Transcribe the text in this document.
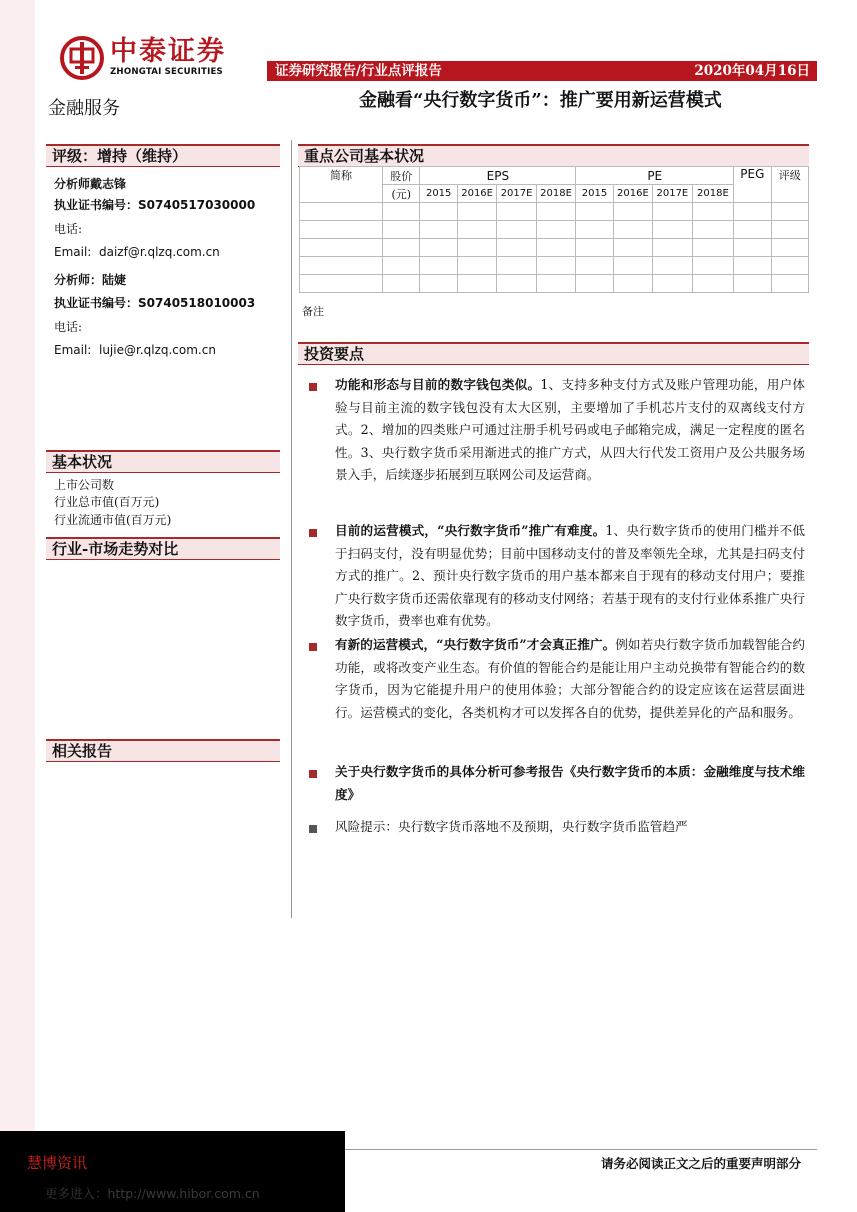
中泰证券
ZHONGTAI SECURITIES
金融服务
证券研究报告/行业点评报告	2020年04月16日
金融看“央行数字货币”：推广要用新运营模式
评级：增持（维持）
分析师戴志锋
执业证书编号：S0740517030000
电话:
Email: daizf@r.qlzq.com.cn
分析师：陆婕
执业证书编号：S0740518010003
电话:
Email: lujie@r.qlzq.com.cn
基本状况
上市公司数
行业总市值(百万元)
行业流通市值(百万元)
行业-市场走势对比
相关报告
重点公司基本状况
简称	股价	EPS				PE				PEG	评级
	(元)	2015	2016E	2017E	2018E	2015	2016E	2017E	2018E		

备注
投资要点
功能和形态与目前的数字钱包类似。1、支持多种支付方式及账户管理功能，用户体验与目前主流的数字钱包没有太大区别，主要增加了手机芯片支付的双离线支付方式。2、增加的四类账户可通过注册手机号码或电子邮箱完成，满足一定程度的匿名性。3、央行数字货币采用渐进式的推广方式，从四大行代发工资用户及公共服务场景入手，后续逐步拓展到互联网公司及运营商。
目前的运营模式，“央行数字货币”推广有难度。1、央行数字货币的使用门槛并不低于扫码支付，没有明显优势；目前中国移动支付的普及率领先全球，尤其是扫码支付方式的推广。2、预计央行数字货币的用户基本都来自于现有的移动支付用户；要推广央行数字货币还需依靠现有的移动支付网络；若基于现有的支付行业体系推广央行数字货币，费率也难有优势。
有新的运营模式，“央行数字货币”才会真正推广。例如若央行数字货币加载智能合约功能，或将改变产业生态。有价值的智能合约是能让用户主动兑换带有智能合约的数字货币，因为它能提升用户的使用体验；大部分智能合约的设定应该在运营层面进行。运营模式的变化，各类机构才可以发挥各自的优势，提供差异化的产品和服务。
关于央行数字货币的具体分析可参考报告《央行数字货币的本质：金融维度与技术维度》
风险提示：央行数字货币落地不及预期，央行数字货币监管趋严
慧博资讯
更多进入：http://www.hibor.com.cn
请务必阅读正文之后的重要声明部分
